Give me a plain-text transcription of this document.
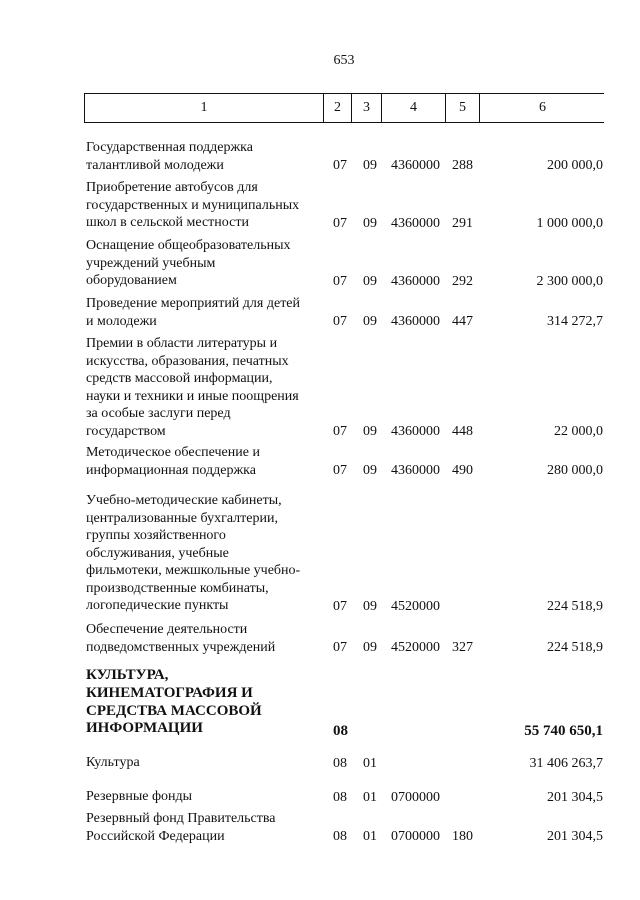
653
1	2	3	4	5	6
Государственная поддержка
талантливой молодежи	07 09 4360000 288	200 000,0
Приобретение автобусов для
государственных и муниципальных
школ в сельской местности	07 09 4360000 291	1 000 000,0
Оснащение общеобразовательных
учреждений учебным
оборудованием	07 09 4360000 292	2 300 000,0
Проведение мероприятий для детей
и молодежи	07 09 4360000 447	314 272,7
Премии в области литературы и
искусства, образования, печатных
средств массовой информации,
науки и техники и иные поощрения
за особые заслуги перед
государством	07 09 4360000 448	22 000,0
Методическое обеспечение и
информационная поддержка	07 09 4360000 490	280 000,0
Учебно-методические кабинеты,
централизованные бухгалтерии,
группы хозяйственного
обслуживания, учебные
фильмотеки, межшкольные учебно-
производственные комбинаты,
логопедические пункты	07 09 4520000	224 518,9
Обеспечение деятельности
подведомственных учреждений	07 09 4520000 327	224 518,9
КУЛЬТУРА,
КИНЕМАТОГРАФИЯ И
СРЕДСТВА МАССОВОЙ
ИНФОРМАЦИИ	08	55 740 650,1
Культура	08 01	31 406 263,7
Резервные фонды	08 01 0700000	201 304,5
Резервный фонд Правительства
Российской Федерации	08 01 0700000 180	201 304,5
